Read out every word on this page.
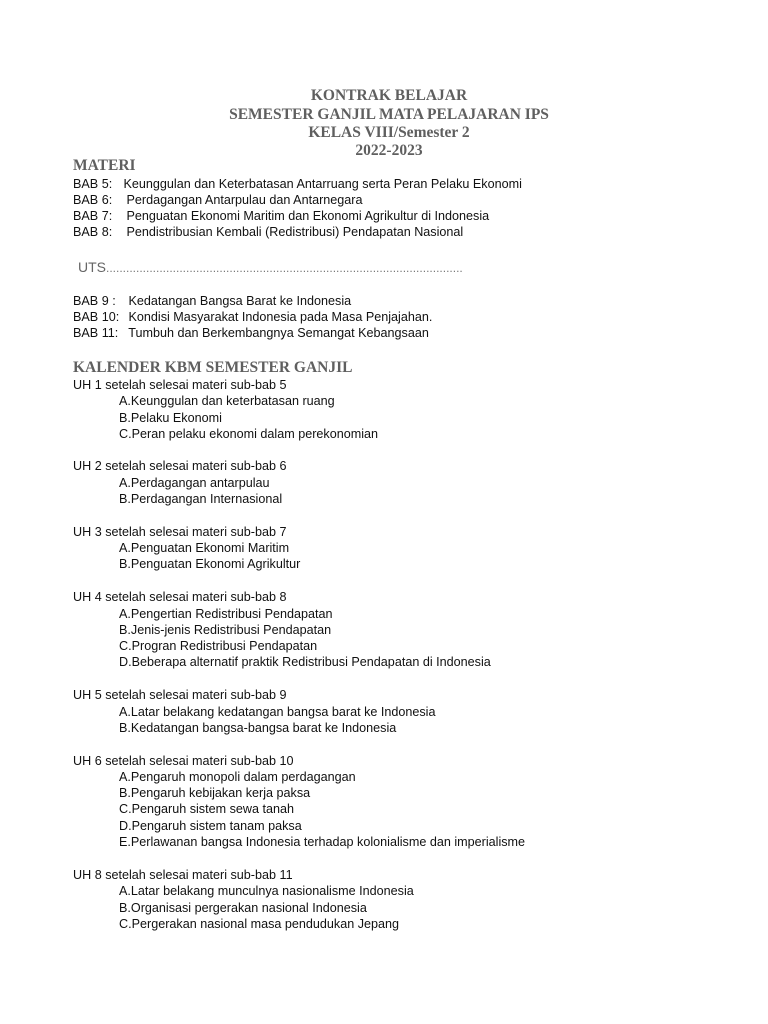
KONTRAK BELAJAR
SEMESTER GANJIL MATA PELAJARAN IPS
KELAS VIII/Semester 2
2022-2023
MATERI
BAB 5: Keunggulan dan Keterbatasan Antarruang serta Peran Pelaku Ekonomi
BAB 6: Perdagangan Antarpulau dan Antarnegara
BAB 7: Penguatan Ekonomi Maritim dan Ekonomi Agrikultur di Indonesia
BAB 8: Pendistribusian Kembali (Redistribusi) Pendapatan Nasional
UTS...........................................................................................................
BAB 9 : Kedatangan Bangsa Barat ke Indonesia
BAB 10: Kondisi Masyarakat Indonesia pada Masa Penjajahan.
BAB 11: Tumbuh dan Berkembangnya Semangat Kebangsaan
KALENDER KBM SEMESTER GANJIL
UH 1 setelah selesai materi sub-bab 5
A.Keunggulan dan keterbatasan ruang
B.Pelaku Ekonomi
C.Peran pelaku ekonomi dalam perekonomian
UH 2 setelah selesai materi sub-bab 6
A.Perdagangan antarpulau
B.Perdagangan Internasional
UH 3 setelah selesai materi sub-bab 7
A.Penguatan Ekonomi Maritim
B.Penguatan Ekonomi Agrikultur
UH 4 setelah selesai materi sub-bab 8
A.Pengertian Redistribusi Pendapatan
B.Jenis-jenis Redistribusi Pendapatan
C.Progran Redistribusi Pendapatan
D.Beberapa alternatif praktik Redistribusi Pendapatan di Indonesia
UH 5 setelah selesai materi sub-bab 9
A.Latar belakang kedatangan bangsa barat ke Indonesia
B.Kedatangan bangsa-bangsa barat ke Indonesia
UH 6 setelah selesai materi sub-bab 10
A.Pengaruh monopoli dalam perdagangan
B.Pengaruh kebijakan kerja paksa
C.Pengaruh sistem sewa tanah
D.Pengaruh sistem tanam paksa
E.Perlawanan bangsa Indonesia terhadap kolonialisme dan imperialisme
UH 8 setelah selesai materi sub-bab 11
A.Latar belakang munculnya nasionalisme Indonesia
B.Organisasi pergerakan nasional Indonesia
C.Pergerakan nasional masa pendudukan Jepang
